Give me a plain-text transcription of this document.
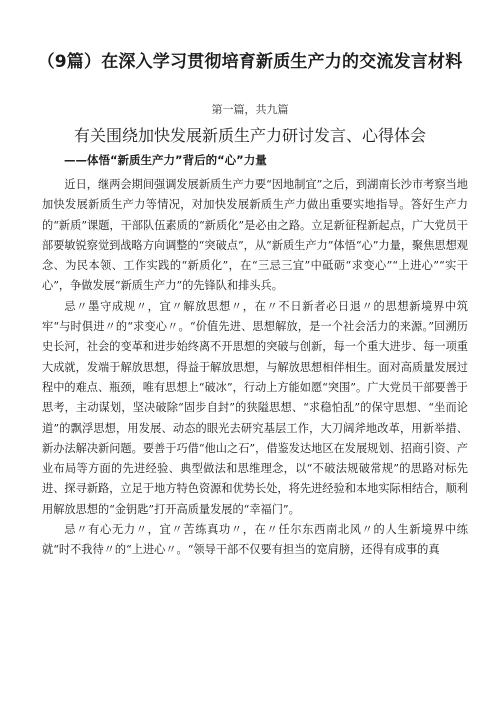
（9篇）在深入学习贯彻培育新质生产力的交流发言材料
第一篇，共九篇
有关围绕加快发展新质生产力研讨发言、心得体会
——体悟“新质生产力”背后的“心”力量

近日，继两会期间强调发展新质生产力要“因地制宜”之后，到湖南长沙市考察当地加快发展新质生产力等情况，对加快发展新质生产力做出重要实地指导。答好生产力的“新质”课题，干部队伍素质的“新质化”是必由之路。立足新征程新起点，广大党员干部要敏锐察觉到战略方向调整的“突破点”，从“新质生产力”体悟“心”力量，聚焦思想观念、为民本领、工作实践的“新质化”，在“三忌三宜”中砥砺“求变心”“上进心”“实干心”，争做发展“新质生产力”的先锋队和排头兵。

忌〃墨守成规〃，宜〃解放思想〃，在〃不日新者必日退〃的思想新境界中筑牢“与时俱进〃的“求变心〃。“价值先进、思想解放，是一个社会活力的来源。”回溯历史长河，社会的变革和进步始终离不开思想的突破与创新，每一个重大进步、每一项重大成就，发端于解放思想，得益于解放思想，与解放思想相伴相生。面对高质量发展过程中的难点、瓶颈，唯有思想上“破冰”，行动上方能如愿“突围”。广大党员干部要善于思考，主动谋划，坚决破除“固步自封”的狭隘思想、“求稳怕乱”的保守思想、“坐而论道”的飘浮思想，用发展、动态的眼光去研究基层工作，大刀阔斧地改革，用新举措、新办法解决新问题。要善于巧借“他山之石”，借鉴发达地区在发展规划、招商引资、产业布局等方面的先进经验、典型做法和思维理念，以“不破法规破常规”的思路对标先进、探寻新路，立足于地方特色资源和优势长处，将先进经验和本地实际相结合，顺利用解放思想的“金钥匙”打开高质量发展的“幸福门”。

忌〃有心无力〃，宜〃苦练真功〃，在〃任尔东西南北风〃的人生新境界中练就“时不我待〃的“上进心〃。“领导干部不仅要有担当的宽肩膀，还得有成事的真
